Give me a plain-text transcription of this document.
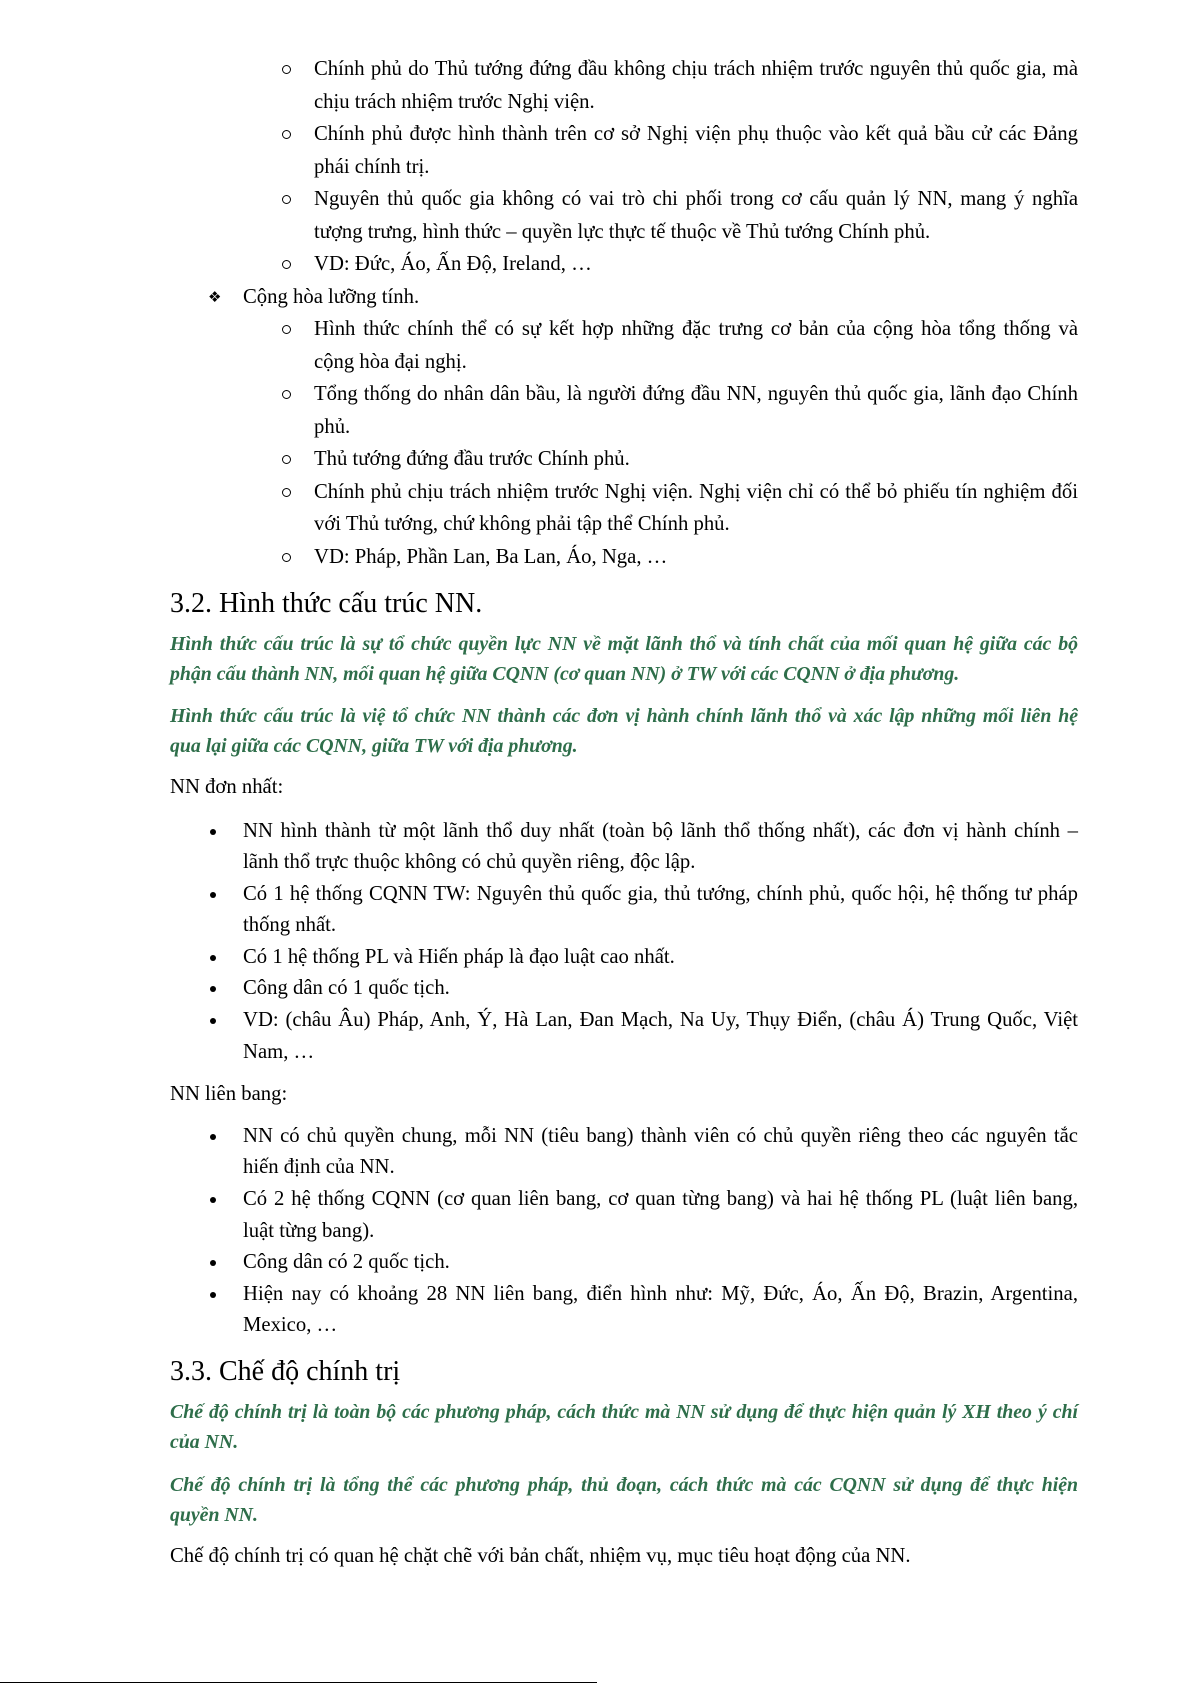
Chính phủ do Thủ tướng đứng đầu không chịu trách nhiệm trước nguyên thủ quốc gia, mà
chịu trách nhiệm trước Nghị viện.
Chính phủ được hình thành trên cơ sở Nghị viện phụ thuộc vào kết quả bầu cử các Đảng
phái chính trị.
Nguyên thủ quốc gia không có vai trò chi phối trong cơ cấu quản lý NN, mang ý nghĩa
tượng trưng, hình thức – quyền lực thực tế thuộc về Thủ tướng Chính phủ.
VD: Đức, Áo, Ấn Độ, Ireland, …
❖
Cộng hòa lưỡng tính.
Hình thức chính thể có sự kết hợp những đặc trưng cơ bản của cộng hòa tổng thống và
cộng hòa đại nghị.
Tổng thống do nhân dân bầu, là người đứng đầu NN, nguyên thủ quốc gia, lãnh đạo Chính
phủ.
Thủ tướng đứng đầu trước Chính phủ.
Chính phủ chịu trách nhiệm trước Nghị viện. Nghị viện chỉ có thể bỏ phiếu tín nghiệm đối
với Thủ tướng, chứ không phải tập thể Chính phủ.
VD: Pháp, Phần Lan, Ba Lan, Áo, Nga, …
3.2. Hình thức cấu trúc NN.
Hình thức cấu trúc là sự tổ chức quyền lực NN về mặt lãnh thổ và tính chất của mối quan hệ giữa các bộ
phận cấu thành NN, mối quan hệ giữa CQNN (cơ quan NN) ở TW với các CQNN ở địa phương.
Hình thức cấu trúc là việ tổ chức NN thành các đơn vị hành chính lãnh thổ và xác lập những mối liên hệ
qua lại giữa các CQNN, giữa TW với địa phương.
NN đơn nhất:
NN hình thành từ một lãnh thổ duy nhất (toàn bộ lãnh thổ thống nhất), các đơn vị hành chính –
lãnh thổ trực thuộc không có chủ quyền riêng, độc lập.
Có 1 hệ thống CQNN TW: Nguyên thủ quốc gia, thủ tướng, chính phủ, quốc hội, hệ thống tư pháp
thống nhất.
Có 1 hệ thống PL và Hiến pháp là đạo luật cao nhất.
Công dân có 1 quốc tịch.
VD: (châu Âu) Pháp, Anh, Ý, Hà Lan, Đan Mạch, Na Uy, Thụy Điển, (châu Á) Trung Quốc, Việt
Nam, …
NN liên bang:
NN có chủ quyền chung, mỗi NN (tiêu bang) thành viên có chủ quyền riêng theo các nguyên tắc
hiến định của NN.
Có 2 hệ thống CQNN (cơ quan liên bang, cơ quan từng bang) và hai hệ thống PL (luật liên bang,
luật từng bang).
Công dân có 2 quốc tịch.
Hiện nay có khoảng 28 NN liên bang, điển hình như: Mỹ, Đức, Áo, Ấn Độ, Brazin, Argentina,
Mexico, …
3.3. Chế độ chính trị
Chế độ chính trị là toàn bộ các phương pháp, cách thức mà NN sử dụng để thực hiện quản lý XH theo ý chí
của NN.
Chế độ chính trị là tổng thể các phương pháp, thủ đoạn, cách thức mà các CQNN sử dụng để thực hiện
quyền NN.
Chế độ chính trị có quan hệ chặt chẽ với bản chất, nhiệm vụ, mục tiêu hoạt động của NN.
